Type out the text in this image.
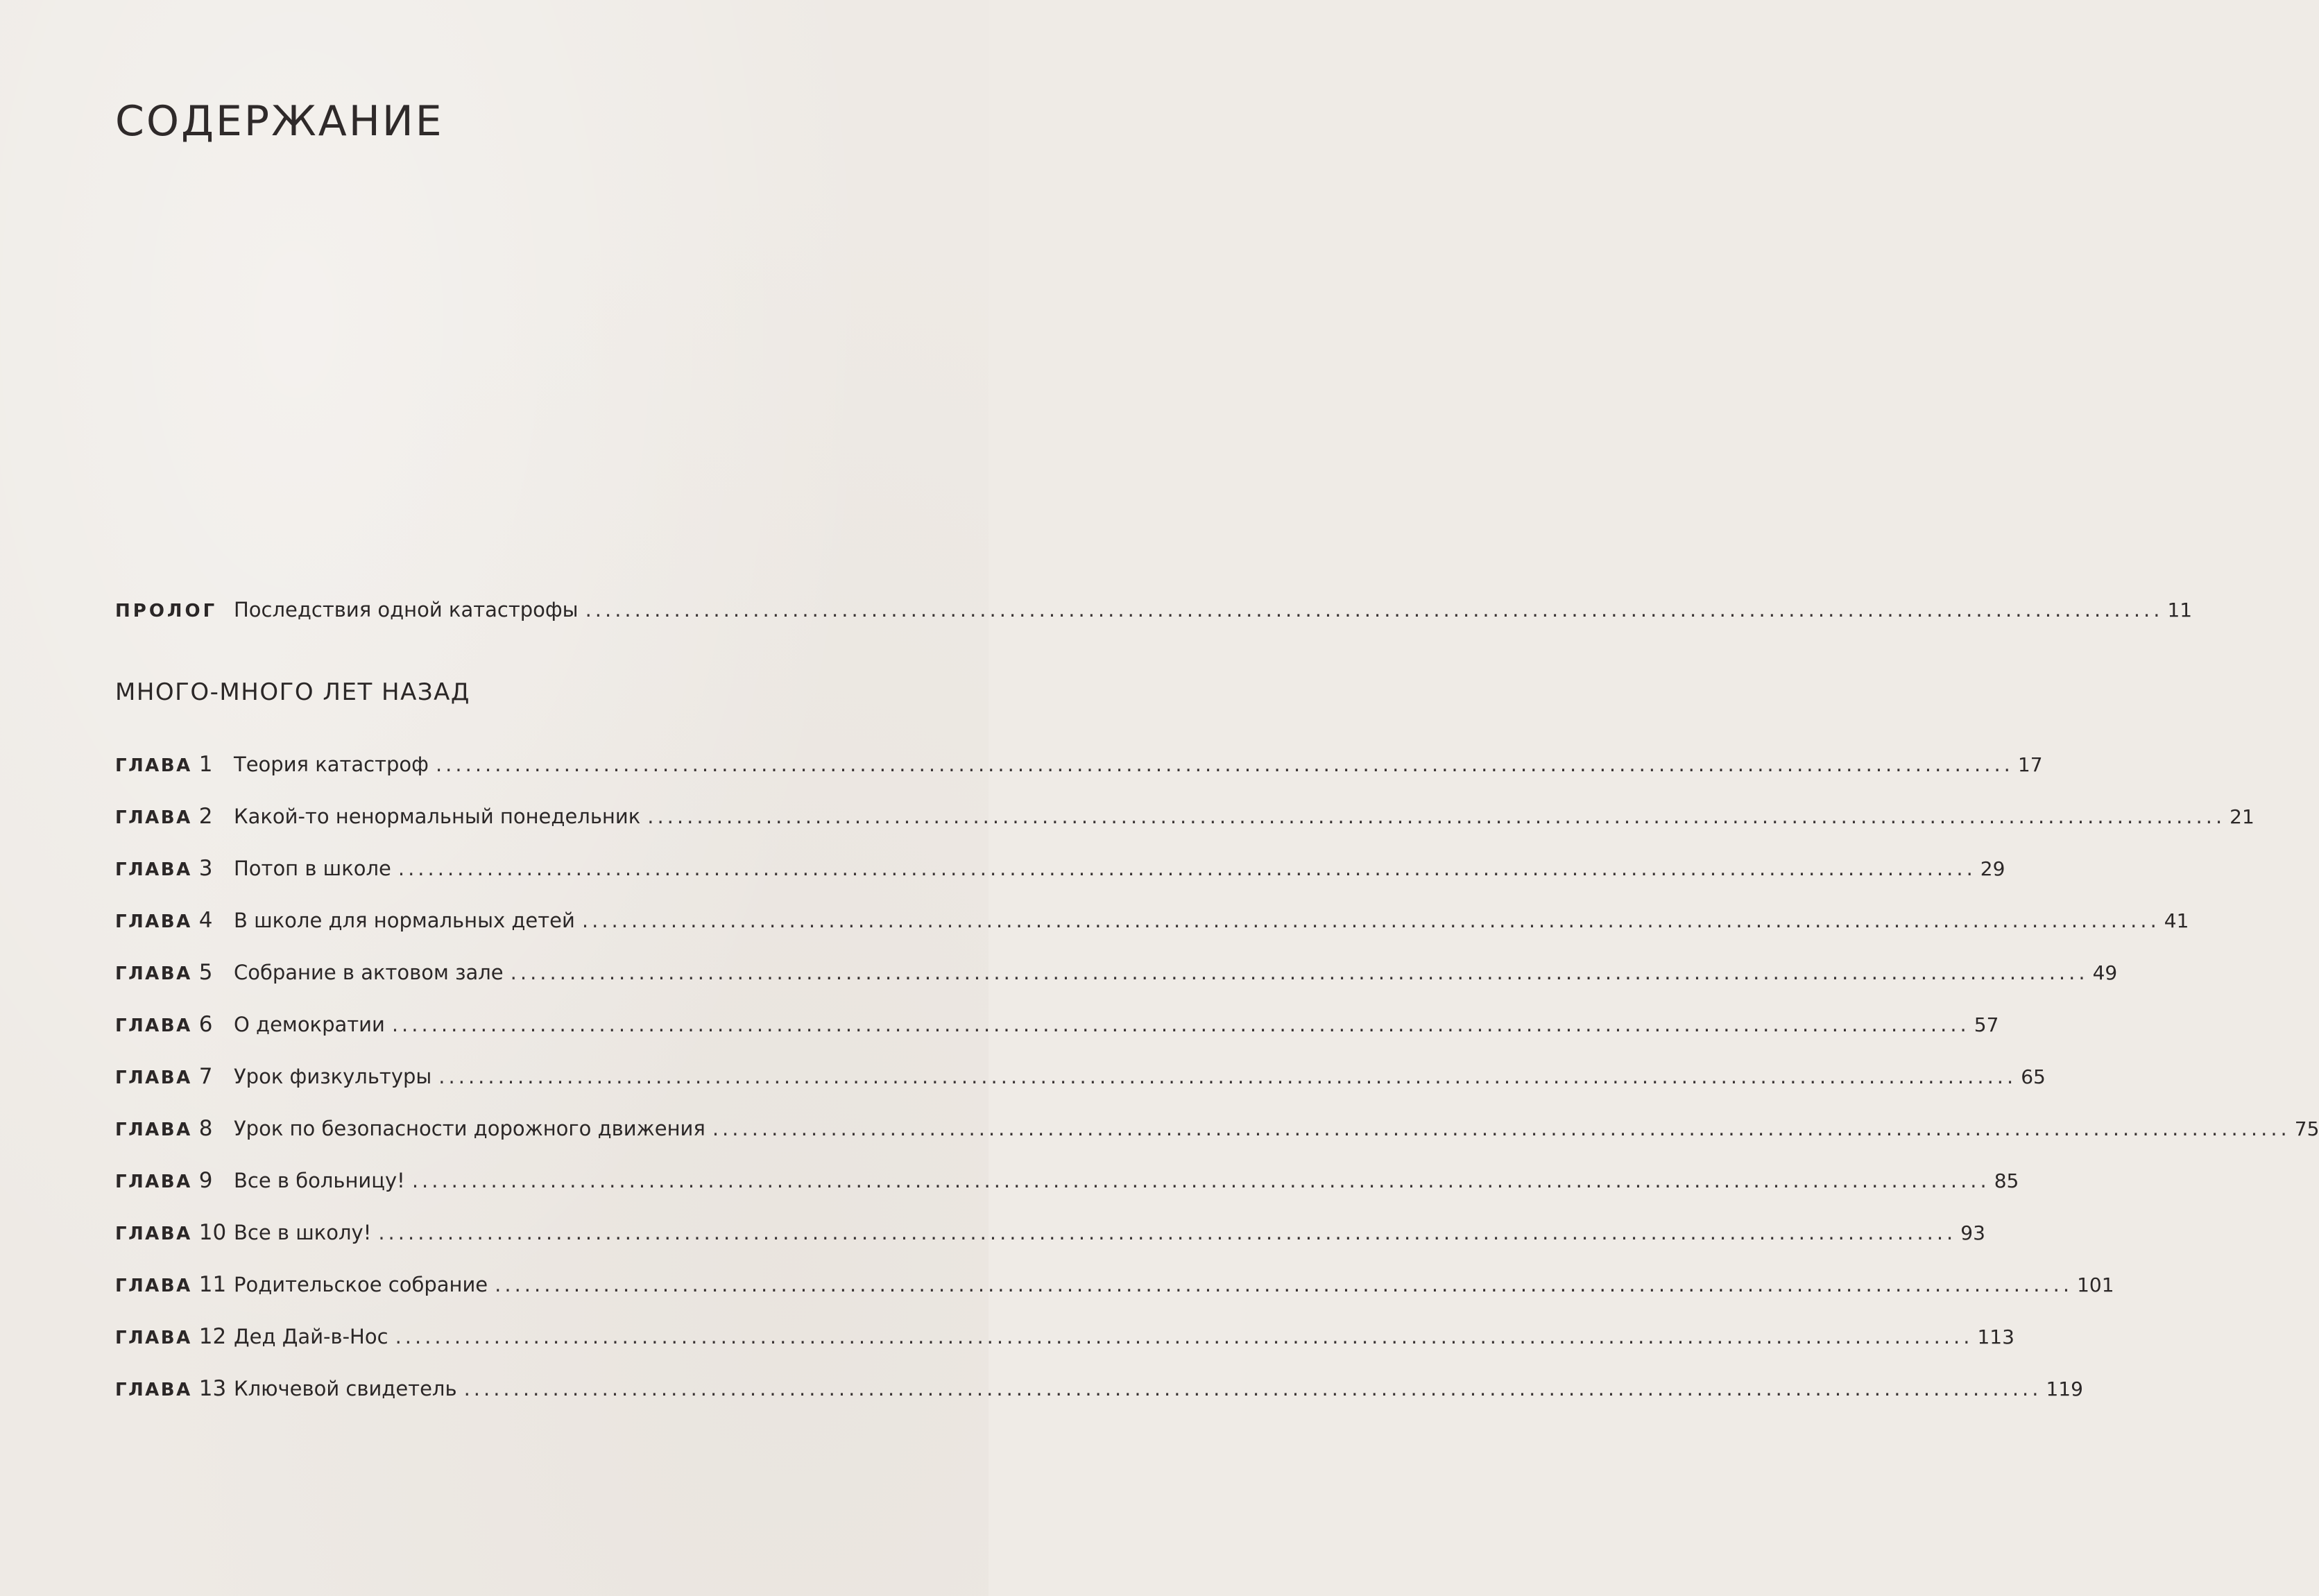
СОДЕРЖАНИЕ
ПРОЛОГ Последствия одной катастрофы ................................................................................................................................................................ 11
МНОГО-МНОГО ЛЕТ НАЗАД
ГЛАВА 1 Теория катастроф ................................................................................................................................................................ 17
ГЛАВА 2 Какой-то ненормальный понедельник ................................................................................................................................................................ 21
ГЛАВА 3 Потоп в школе ................................................................................................................................................................ 29
ГЛАВА 4 В школе для нормальных детей ................................................................................................................................................................ 41
ГЛАВА 5 Собрание в актовом зале ................................................................................................................................................................ 49
ГЛАВА 6 О демократии ................................................................................................................................................................ 57
ГЛАВА 7 Урок физкультуры ................................................................................................................................................................ 65
ГЛАВА 8 Урок по безопасности дорожного движения ................................................................................................................................................................ 75
ГЛАВА 9 Все в больницу! ................................................................................................................................................................ 85
ГЛАВА 10 Все в школу! ................................................................................................................................................................ 93
ГЛАВА 11 Родительское собрание ................................................................................................................................................................ 101
ГЛАВА 12 Дед Дай-в-Нос ................................................................................................................................................................ 113
ГЛАВА 13 Ключевой свидетель ................................................................................................................................................................ 119
